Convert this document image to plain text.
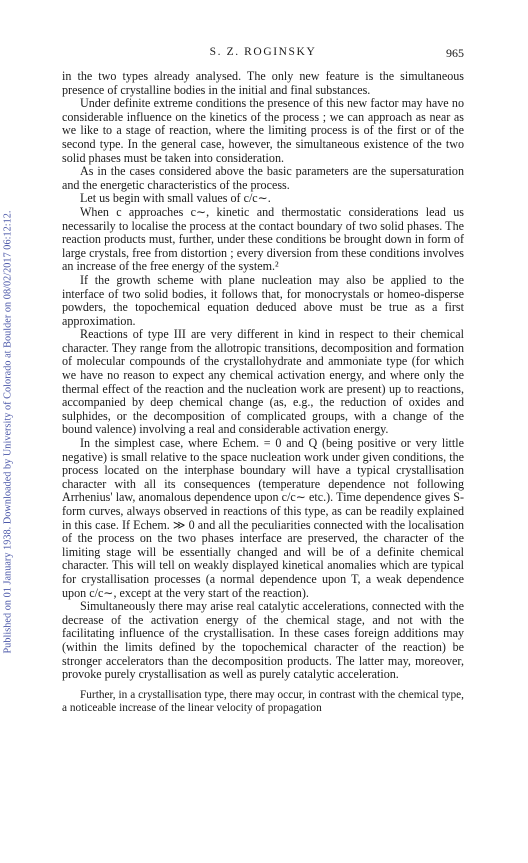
Published on 01 January 1938. Downloaded by University of Colorado at Boulder on 08/02/2017 06:12:12.
S. Z. ROGINSKY	965

in the two types already analysed. The only new feature is the simultaneous presence of crystalline bodies in the initial and final substances.

Under definite extreme conditions the presence of this new factor may have no considerable influence on the kinetics of the process ; we can approach as near as we like to a stage of reaction, where the limiting process is of the first or of the second type. In the general case, however, the simultaneous existence of the two solid phases must be taken into consideration.

As in the cases considered above the basic parameters are the supersaturation and the energetic characteristics of the process.

Let us begin with small values of c/c∼.

When c approaches c∼, kinetic and thermostatic considerations lead us necessarily to localise the process at the contact boundary of two solid phases. The reaction products must, further, under these conditions be brought down in form of large crystals, free from distortion ; every diversion from these conditions involves an increase of the free energy of the system.²

If the growth scheme with plane nucleation may also be applied to the interface of two solid bodies, it follows that, for monocrystals or homeo-disperse powders, the topochemical equation deduced above must be true as a first approximation.

Reactions of type III are very different in kind in respect to their chemical character. They range from the allotropic transitions, decomposition and formation of molecular compounds of the crystallohydrate and ammoniate type (for which we have no reason to expect any chemical activation energy, and where only the thermal effect of the reaction and the nucleation work are present) up to reactions, accompanied by deep chemical change (as, e.g., the reduction of oxides and sulphides, or the decomposition of complicated groups, with a change of the bound valence) involving a real and considerable activation energy.

In the simplest case, where Echem. = 0 and Q (being positive or very little negative) is small relative to the space nucleation work under given conditions, the process located on the interphase boundary will have a typical crystallisation character with all its consequences (temperature dependence not following Arrhenius' law, anomalous dependence upon c/c∼ etc.). Time dependence gives S-form curves, always observed in reactions of this type, as can be readily explained in this case. If Echem. ≫ 0 and all the peculiarities connected with the localisation of the process on the two phases interface are preserved, the character of the limiting stage will be essentially changed and will be of a definite chemical character. This will tell on weakly displayed kinetical anomalies which are typical for crystallisation processes (a normal dependence upon T, a weak dependence upon c/c∼, except at the very start of the reaction).

Simultaneously there may arise real catalytic accelerations, connected with the decrease of the activation energy of the chemical stage, and not with the facilitating influence of the crystallisation. In these cases foreign additions may (within the limits defined by the topochemical character of the reaction) be stronger accelerators than the decomposition products. The latter may, moreover, provoke purely crystallisation as well as purely catalytic acceleration.

Further, in a crystallisation type, there may occur, in contrast with the chemical type, a noticeable increase of the linear velocity of propagation
